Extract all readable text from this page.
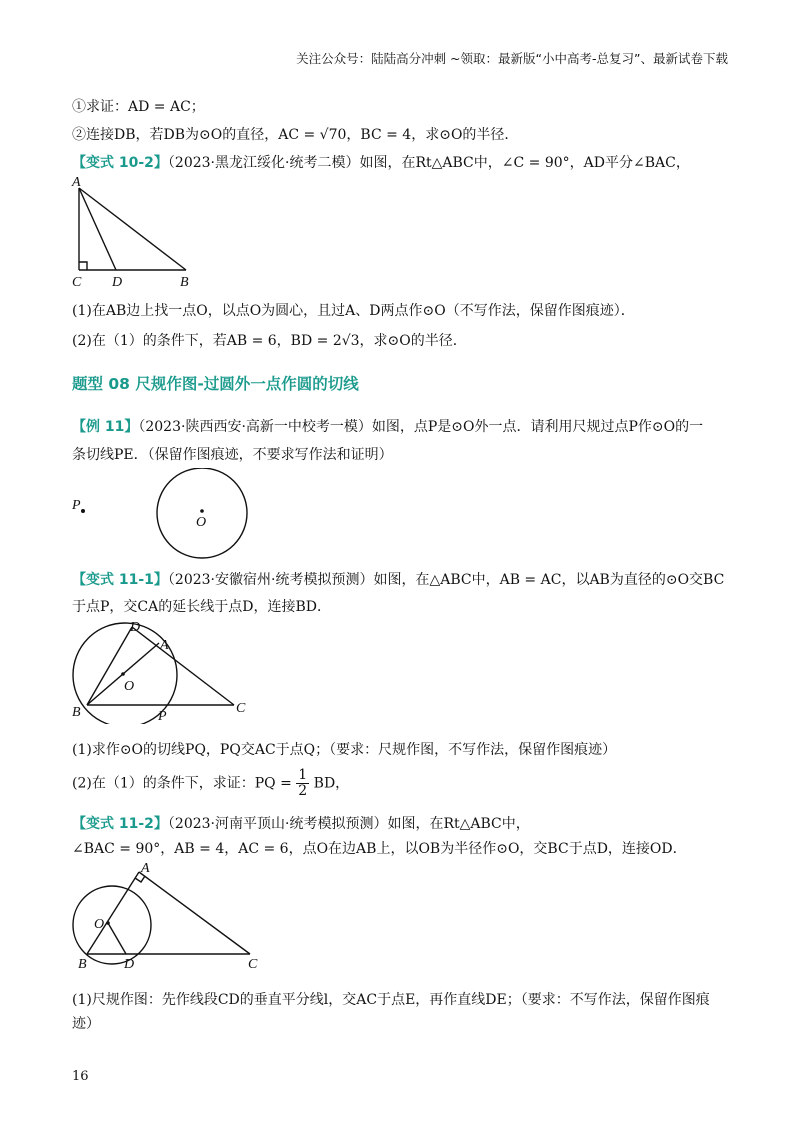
关注公众号：陆陆高分冲刺 ~领取：最新版“小中高考-总复习”、最新试卷下载
①求证：AD = AC；
②连接DB，若DB为⊙O的直径，AC = √70，BC = 4，求⊙O的半径．
【变式 10-2】（2023·黑龙江绥化·统考二模）如图，在Rt△ABC中，∠C = 90°，AD平分∠BAC，
A
C D	B
(1)在AB边上找一点O，以点O为圆心，且过A、D两点作⊙O（不写作法，保留作图痕迹）．
(2)在（1）的条件下，若AB = 6，BD = 2√3，求⊙O的半径．
题型 08 尺规作图-过圆外一点作圆的切线
【例 11】（2023·陕西西安·高新一中校考一模）如图，点P是⊙O外一点．请利用尺规过点P作⊙O的一
条切线PE．（保留作图痕迹，不要求写作法和证明）
P
O
【变式 11-1】（2023·安徽宿州·统考模拟预测）如图，在△ABC中，AB = AC，以AB为直径的⊙O交BC
于点P，交CA的延长线于点D，连接BD．
D
A
O
B	P
C
(1)求作⊙O的切线PQ，PQ交AC于点Q；（要求：尺规作图，不写作法，保留作图痕迹）
(2)在（1）的条件下，求证：PQ = $\frac{1}{2}$ BD，
【变式 11-2】（2023·河南平顶山·统考模拟预测）如图，在Rt△ABC中，
∠BAC = 90°，AB = 4，AC = 6，点O在边AB上，以OB为半径作⊙O，交BC于点D，连接OD．
A
O
B	D	C
(1)尺规作图：先作线段CD的垂直平分线l，交AC于点E，再作直线DE；（要求：不写作法，保留作图痕
迹）
16
